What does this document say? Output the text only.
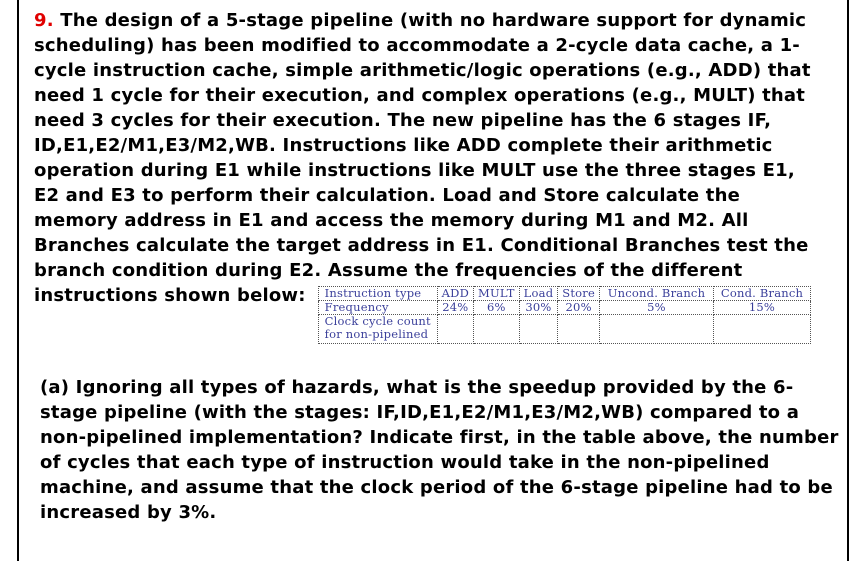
9. The design of a 5-stage pipeline (with no hardware support for dynamic
scheduling) has been modified to accommodate a 2-cycle data cache, a 1-
cycle instruction cache, simple arithmetic/logic operations (e.g., ADD) that
need 1 cycle for their execution, and complex operations (e.g., MULT) that
need 3 cycles for their execution. The new pipeline has the 6 stages IF,
ID,E1,E2/M1,E3/M2,WB. Instructions like ADD complete their arithmetic
operation during E1 while instructions like MULT use the three stages E1,
E2 and E3 to perform their calculation. Load and Store calculate the
memory address in E1 and access the memory during M1 and M2. All
Branches calculate the target address in E1. Conditional Branches test the
branch condition during E2. Assume the frequencies of the different
instructions shown below: Instruction type	ADD	MULT	Load	Store	Uncond. Branch	Cond. Branch
Frequency	24%	6%	30%	20%	5%	15%
Clock cycle count
for non-pipelined						
(a) Ignoring all types of hazards, what is the speedup provided by the 6-
stage pipeline (with the stages: IF,ID,E1,E2/M1,E3/M2,WB) compared to a
non-pipelined implementation? Indicate first, in the table above, the number
of cycles that each type of instruction would take in the non-pipelined
machine, and assume that the clock period of the 6-stage pipeline had to be
increased by 3%.
